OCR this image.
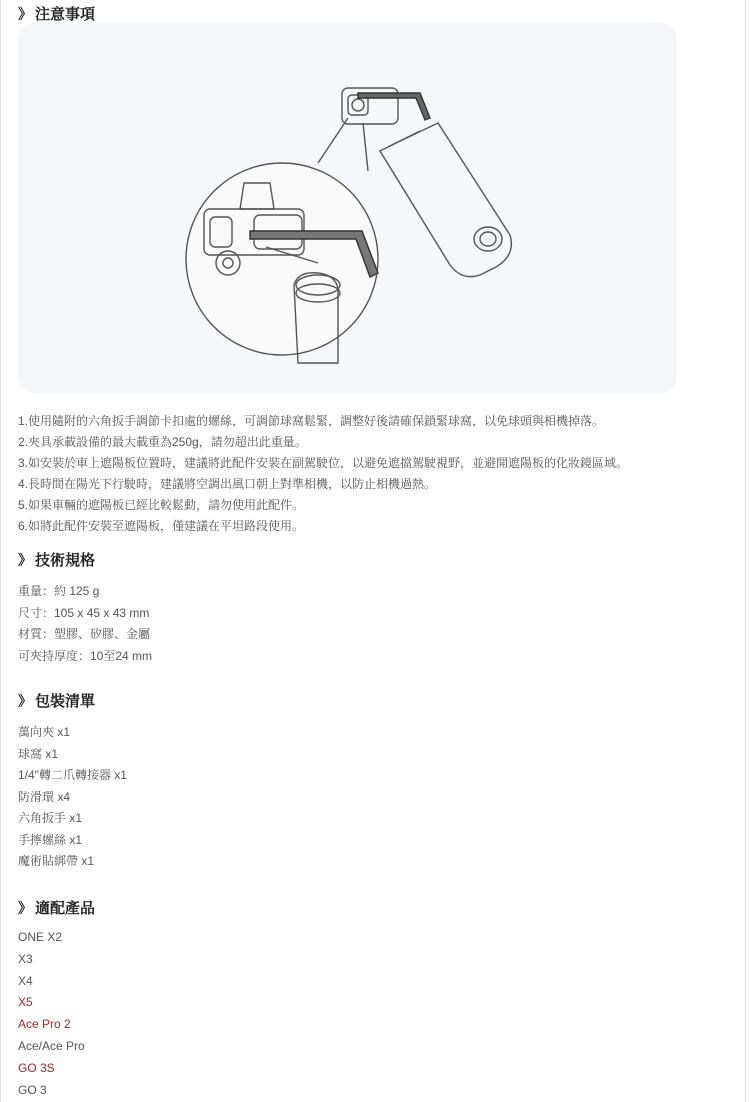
》 注意事項
1.使用隨附的六角扳手調節卡扣處的螺絲，可調節球窩鬆緊，調整好後請確保鎖緊球窩，以免球頭與相機掉落。
2.夾具承載設備的最大載重為250g，請勿超出此重量。
3.如安裝於車上遮陽板位置時，建議將此配件安裝在副駕駛位，以避免遮擋駕駛視野，並避開遮陽板的化妝鏡區域。
4.長時間在陽光下行駛時，建議將空調出風口朝上對準相機，以防止相機過熱。
5.如果車輛的遮陽板已經比較鬆動，請勿使用此配件。
6.如將此配件安裝至遮陽板，僅建議在平坦路段使用。
》 技術規格
重量：約 125 g
尺寸：105 x 45 x 43 mm
材質：塑膠、矽膠、金屬
可夾持厚度：10至24 mm
》 包裝清單
萬向夾 x1
球窩 x1
1/4"轉二爪轉接器 x1
防滑環 x4
六角扳手 x1
手擰螺絲 x1
魔術貼綁帶 x1
》 適配產品
ONE X2
X3
X4
X5
Ace Pro 2
Ace/Ace Pro
GO 3S
GO 3
